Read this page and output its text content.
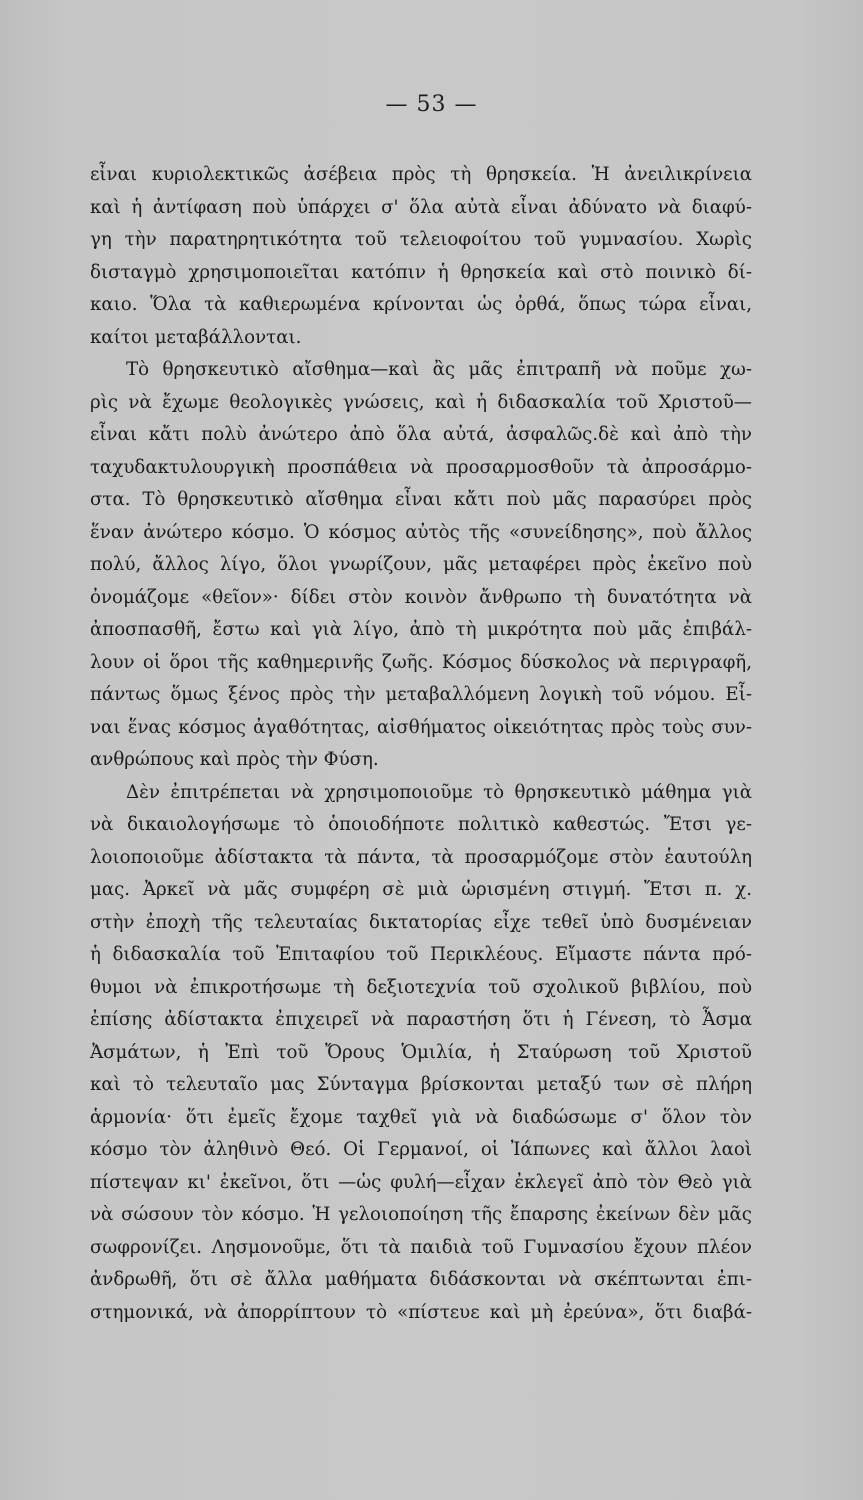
— 53 —
εἶναι κυριολεκτικῶς ἀσέβεια πρὸς τὴ θρησκεία. Ἡ ἀνειλικρίνεια
καὶ ἡ ἀντίφαση ποὺ ὑπάρχει σ' ὅλα αὐτὰ εἶναι ἀδύνατο νὰ διαφύ-
γη τὴν παρατηρητικότητα τοῦ τελειοφοίτου τοῦ γυμνασίου. Χωρὶς
δισταγμὸ χρησιμοποιεῖται κατόπιν ἡ θρησκεία καὶ στὸ ποινικὸ δί-
καιο. Ὅλα τὰ καθιερωμένα κρίνονται ὡς ὀρθά, ὅπως τώρα εἶναι,
καίτοι μεταβάλλονται.
Τὸ θρησκευτικὸ αἴσθημα—καὶ ἂς μᾶς ἐπιτραπῆ νὰ ποῦμε χω-
ρὶς νὰ ἔχωμε θεολογικὲς γνώσεις, καὶ ἡ διδασκαλία τοῦ Χριστοῦ—
εἶναι κἄτι πολὺ ἀνώτερο ἀπὸ ὅλα αὐτά, ἀσφαλῶς.δὲ καὶ ἀπὸ τὴν
ταχυδακτυλουργικὴ προσπάθεια νὰ προσαρμοσθοῦν τὰ ἀπροσάρμο-
στα. Τὸ θρησκευτικὸ αἴσθημα εἶναι κἄτι ποὺ μᾶς παρασύρει πρὸς
ἕναν ἀνώτερο κόσμο. Ὁ κόσμος αὐτὸς τῆς «συνείδησης», ποὺ ἄλλος
πολύ, ἄλλος λίγο, ὅλοι γνωρίζουν, μᾶς μεταφέρει πρὸς ἐκεῖνο ποὺ
ὀνομάζομε «θεῖον»· δίδει στὸν κοινὸν ἄνθρωπο τὴ δυνατότητα νὰ
ἀποσπασθῆ, ἔστω καὶ γιὰ λίγο, ἀπὸ τὴ μικρότητα ποὺ μᾶς ἐπιβάλ-
λουν οἱ ὅροι τῆς καθημερινῆς ζωῆς. Κόσμος δύσκολος νὰ περιγραφῆ,
πάντως ὅμως ξένος πρὸς τὴν μεταβαλλόμενη λογικὴ τοῦ νόμου. Εἶ-
ναι ἕνας κόσμος ἀγαθότητας, αἰσθήματος οἰκειότητας πρὸς τοὺς συν-
ανθρώπους καὶ πρὸς τὴν Φύση.
Δὲν ἐπιτρέπεται νὰ χρησιμοποιοῦμε τὸ θρησκευτικὸ μάθημα γιὰ
νὰ δικαιολογήσωμε τὸ ὁποιοδήποτε πολιτικὸ καθεστώς. Ἔτσι γε-
λοιοποιοῦμε ἀδίστακτα τὰ πάντα, τὰ προσαρμόζομε στὸν ἑαυτούλη
μας. Ἀρκεῖ νὰ μᾶς συμφέρη σὲ μιὰ ὡρισμένη στιγμή. Ἔτσι π. χ.
στὴν ἐποχὴ τῆς τελευταίας δικτατορίας εἶχε τεθεῖ ὑπὸ δυσμένειαν
ἡ διδασκαλία τοῦ Ἐπιταφίου τοῦ Περικλέους. Εἴμαστε πάντα πρό-
θυμοι νὰ ἐπικροτήσωμε τὴ δεξιοτεχνία τοῦ σχολικοῦ βιβλίου, ποὺ
ἐπίσης ἀδίστακτα ἐπιχειρεῖ νὰ παραστήση ὅτι ἡ Γένεση, τὸ Ἆσμα
Ἀσμάτων, ἡ Ἐπὶ τοῦ Ὄρους Ὁμιλία, ἡ Σταύρωση τοῦ Χριστοῦ
καὶ τὸ τελευταῖο μας Σύνταγμα βρίσκονται μεταξύ των σὲ πλήρη
ἁρμονία· ὅτι ἐμεῖς ἔχομε ταχθεῖ γιὰ νὰ διαδώσωμε σ' ὅλον τὸν
κόσμο τὸν ἀληθινὸ Θεό. Οἱ Γερμανοί, οἱ Ἰάπωνες καὶ ἄλλοι λαοὶ
πίστεψαν κι' ἐκεῖνοι, ὅτι —ὡς φυλή—εἶχαν ἐκλεγεῖ ἀπὸ τὸν Θεὸ γιὰ
νὰ σώσουν τὸν κόσμο. Ἡ γελοιοποίηση τῆς ἔπαρσης ἐκείνων δὲν μᾶς
σωφρονίζει. Λησμονοῦμε, ὅτι τὰ παιδιὰ τοῦ Γυμνασίου ἔχουν πλέον
ἀνδρωθῆ, ὅτι σὲ ἄλλα μαθήματα διδάσκονται νὰ σκέπτωνται ἐπι-
στημονικά, νὰ ἀπορρίπτουν τὸ «πίστευε καὶ μὴ ἐρεύνα», ὅτι διαβά-
